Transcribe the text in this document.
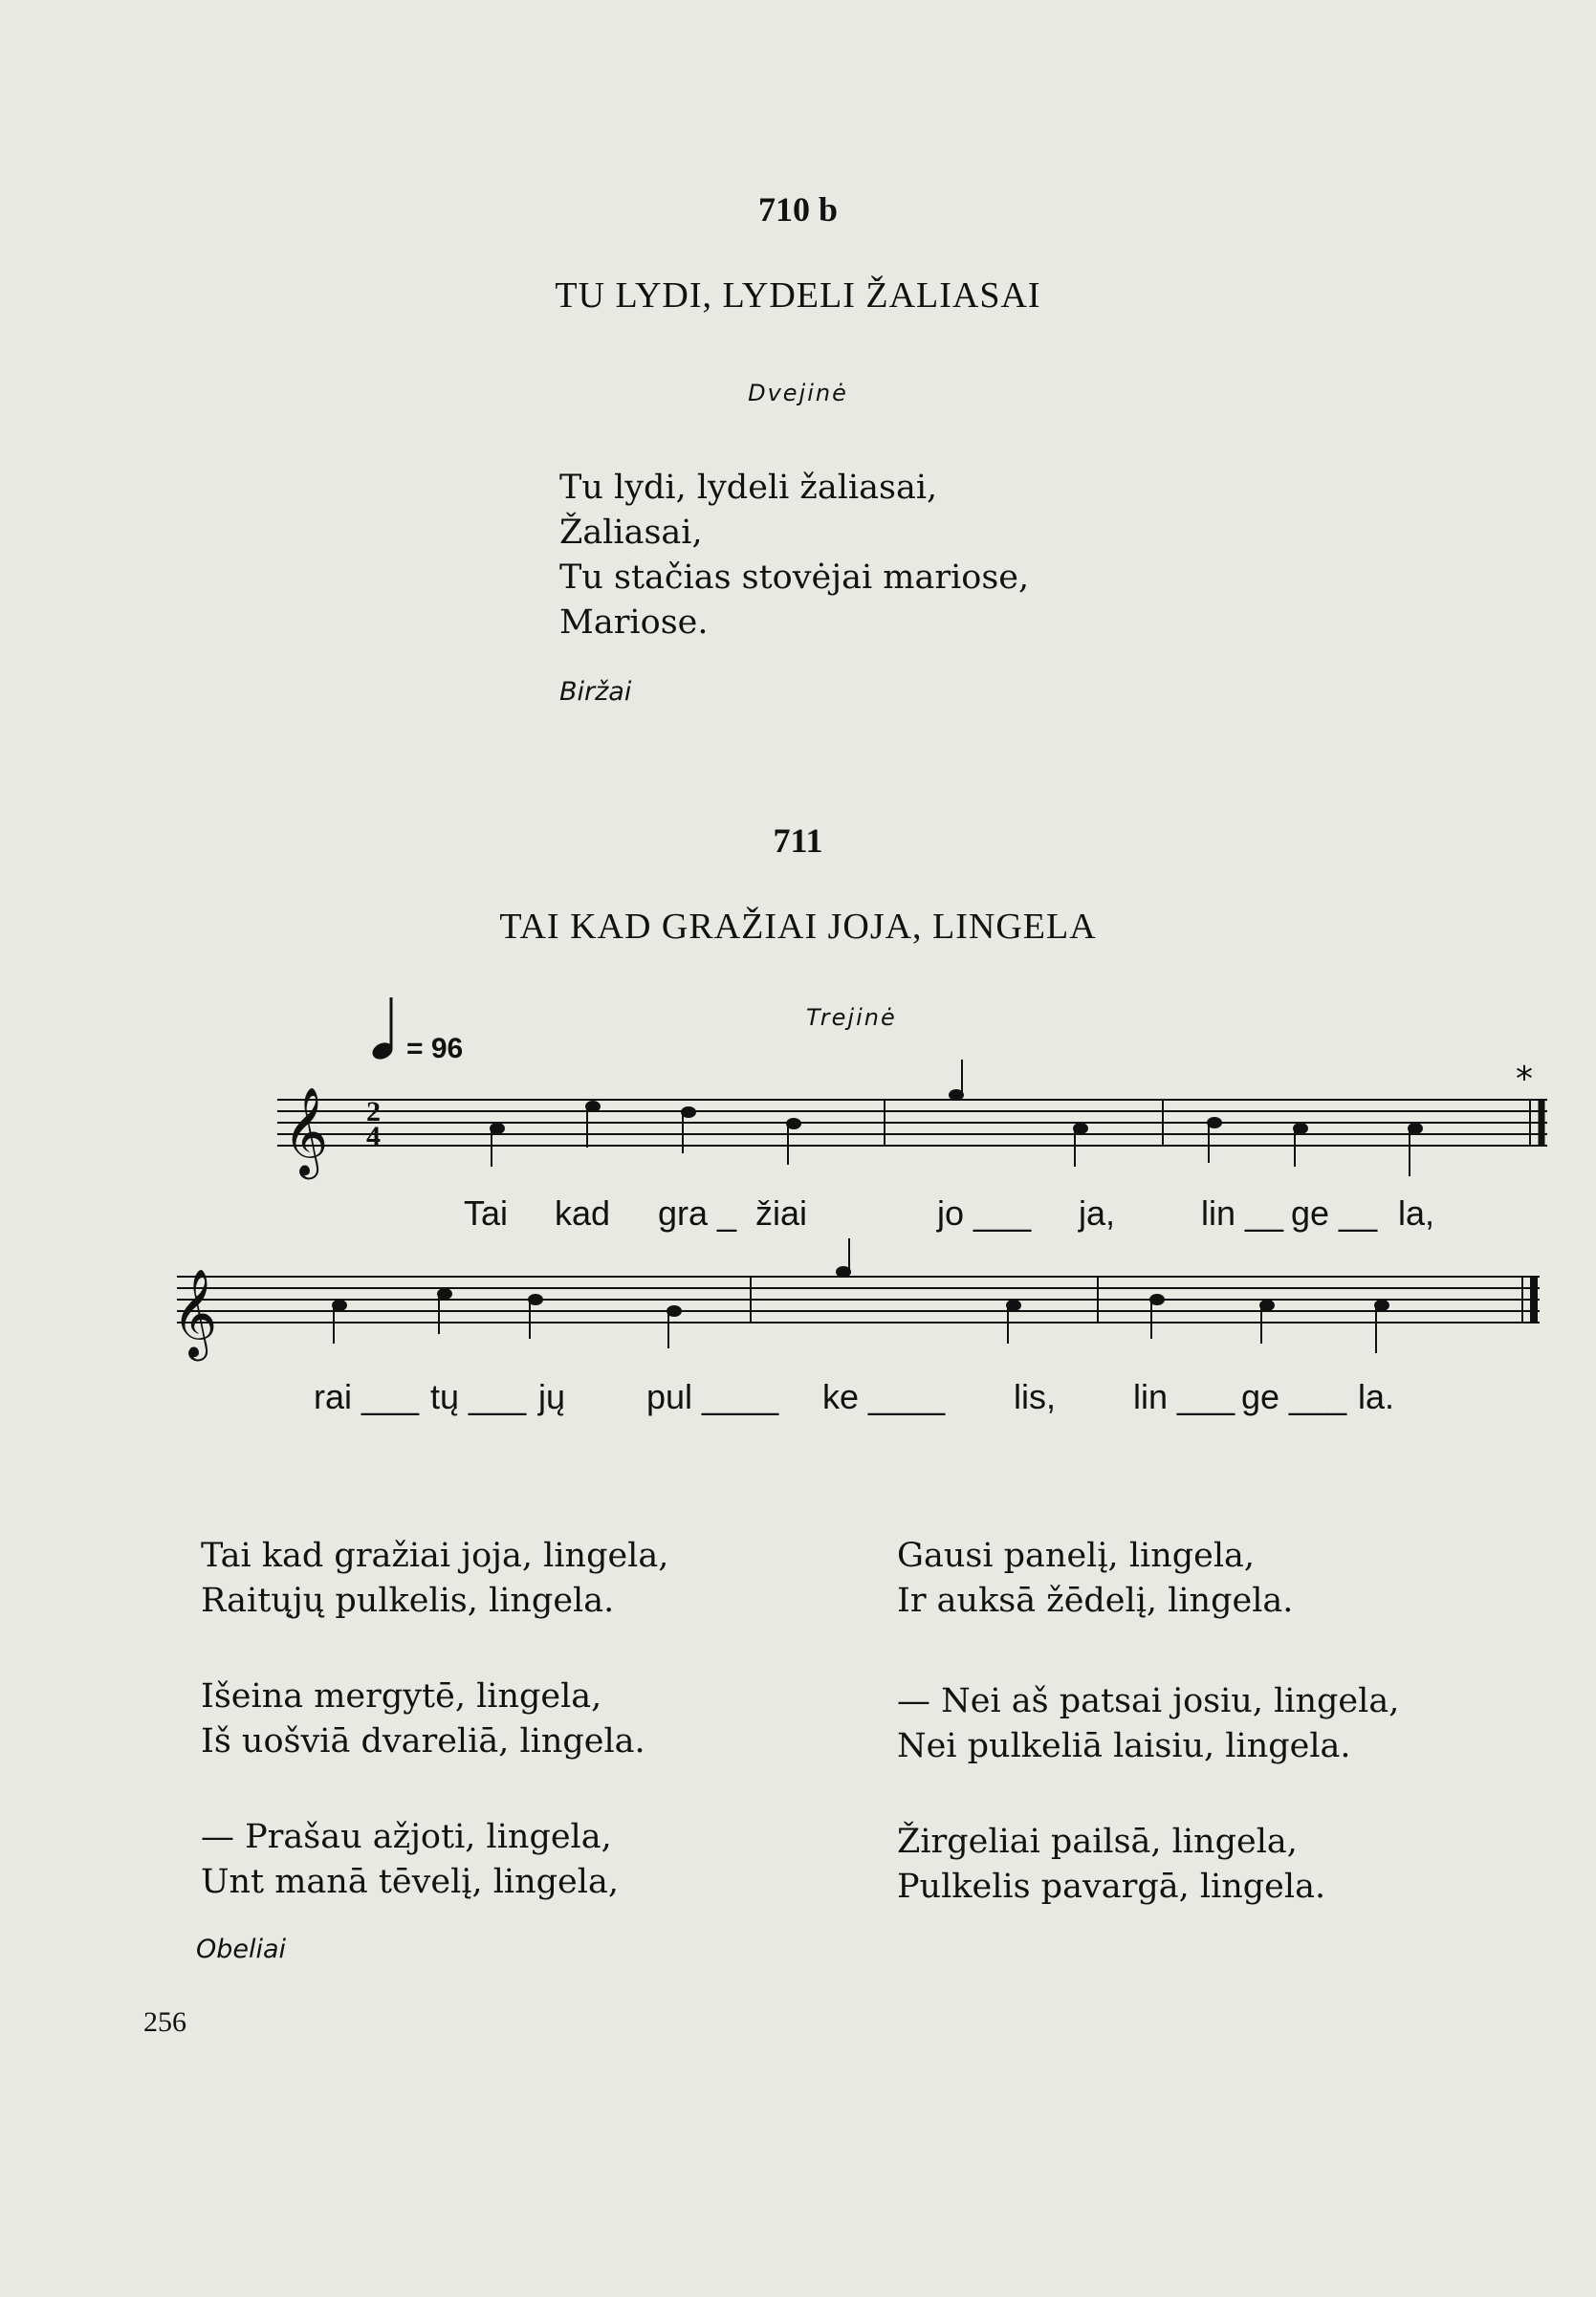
710 b
TU LYDI, LYDELI ŽALIASAI
Dvejinė
Tu lydi, lydeli žaliasai,
Žaliasai,
Tu stačias stovėjai mariose,
Mariose.
Biržai
711
TAI KAD GRAŽIAI JOJA, LINGELA
Trejinė
= 96
𝄞 2
4
*
Tai kad gra _ žiai	jo ___ ja, lin __ ge __ la,
𝄞
rai ___ tų ___ jų pul ____ ke ____ lis, lin ___ ge ___ la.
Tai kad gražiai joja, lingela,
Raitųjų pulkelis, lingela.
Išeina mergytē, lingela,
Iš uošviā dvareliā, lingela.
— Prašau ažjoti, lingela,
Unt manā tēvelį, lingela,
Gausi panelį, lingela,
Ir auksā žēdelį, lingela.
— Nei aš patsai josiu, lingela,
Nei pulkeliā laisiu, lingela.
Žirgeliai pailsā, lingela,
Pulkelis pavargā, lingela.
Obeliai
256
